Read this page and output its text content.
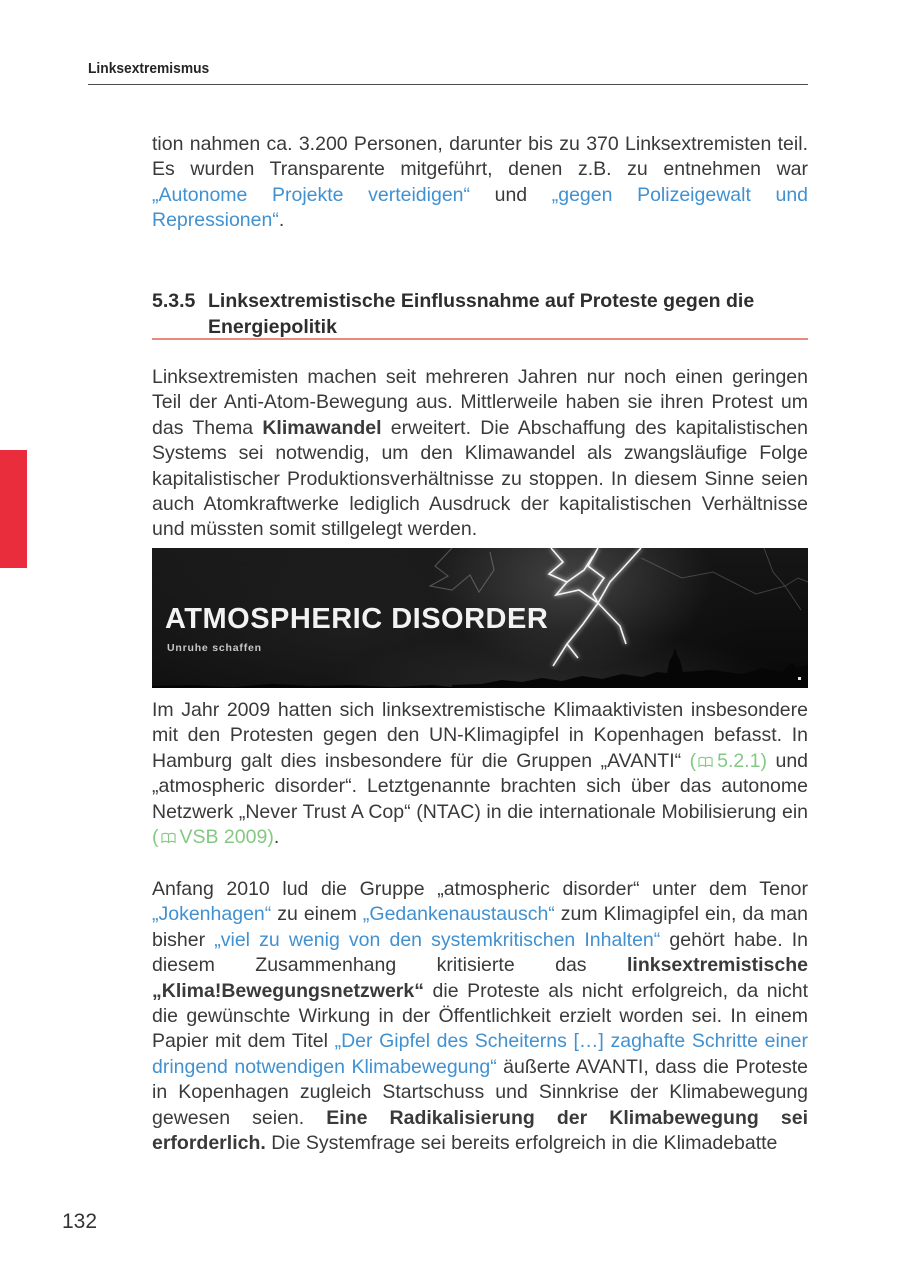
Linksextremismus

tion nahmen ca. 3.200 Personen, darunter bis zu 370 Linksextremisten teil. Es wurden Transparente mitgeführt, denen z.B. zu entnehmen war „Autonome Projekte verteidigen“ und „gegen Polizeigewalt und Repressionen“.

5.3.5 Linksextremistische Einflussnahme auf Proteste gegen die Energiepolitik

Linksextremisten machen seit mehreren Jahren nur noch einen geringen Teil der Anti-Atom-Bewegung aus. Mittlerweile haben sie ihren Protest um das Thema Klimawandel erweitert. Die Abschaffung des kapitalistischen Systems sei notwendig, um den Klimawandel als zwangsläufige Folge kapitalistischer Produktionsverhältnisse zu stoppen. In diesem Sinne seien auch Atomkraftwerke lediglich Ausdruck der kapitalistischen Verhältnisse und müssten somit stillgelegt werden.

ATMOSPHERIC DISORDER
Unruhe schaffen

Im Jahr 2009 hatten sich linksextremistische Klimaaktivisten insbesondere mit den Protesten gegen den UN-Klimagipfel in Kopenhagen befasst. In Hamburg galt dies insbesondere für die Gruppen „AVANTI“ ( 5.2.1) und „atmospheric disorder“. Letztgenannte brachten sich über das autonome Netzwerk „Never Trust A Cop“ (NTAC) in die internationale Mobilisierung ein ( VSB 2009).

Anfang 2010 lud die Gruppe „atmospheric disorder“ unter dem Tenor „Jokenhagen“ zu einem „Gedankenaustausch“ zum Klimagipfel ein, da man bisher „viel zu wenig von den systemkritischen Inhalten“ gehört habe. In diesem Zusammenhang kritisierte das linksextremistische „Klima!Bewegungsnetzwerk“ die Proteste als nicht erfolgreich, da nicht die gewünschte Wirkung in der Öffentlichkeit erzielt worden sei. In einem Papier mit dem Titel „Der Gipfel des Scheiterns […] zaghafte Schritte einer dringend notwendigen Klimabewegung“ äußerte AVANTI, dass die Proteste in Kopenhagen zugleich Startschuss und Sinnkrise der Klimabewegung gewesen seien. Eine Radikalisierung der Klimabewegung sei erforderlich. Die Systemfrage sei bereits erfolgreich in die Klimadebatte

132
